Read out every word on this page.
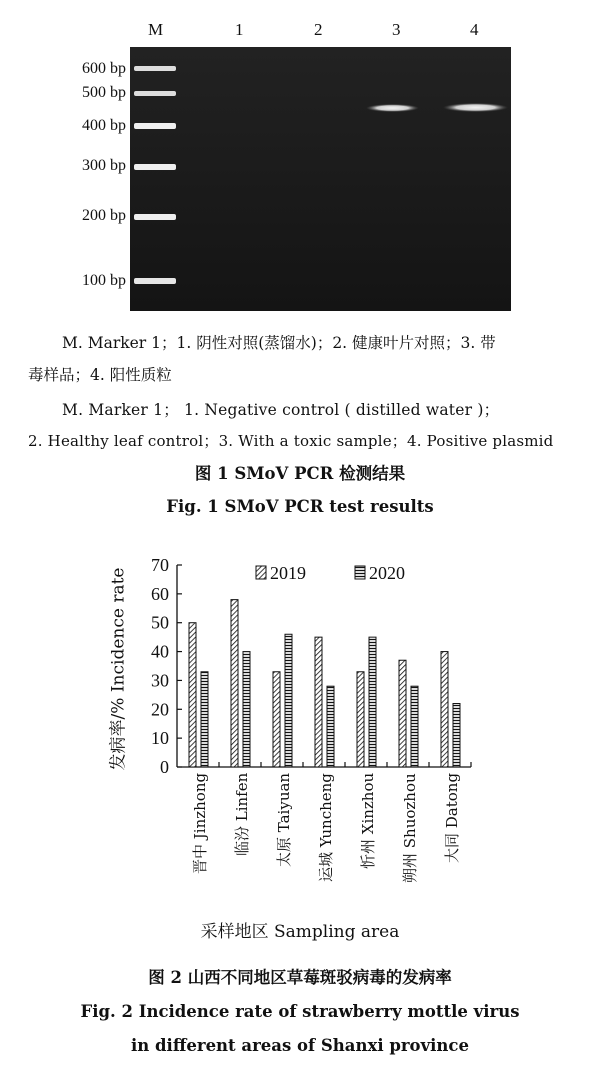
M	1	2	3	4
600 bp
500 bp
400 bp
300 bp
200 bp
100 bp
M. Marker 1；1. 阴性对照(蒸馏水)；2. 健康叶片对照；3. 带
毒样品；4. 阳性质粒
M. Marker 1； 1. Negative control ( distilled water )；
2. Healthy leaf control；3. With a toxic sample；4. Positive plasmid
图 1 SMoV PCR 检测结果
Fig. 1 SMoV PCR test results
0
10
20
30
40
50
60
70	2019	2020
发病率/% Incidence rate
晋中 Jinzhong 临汾 Linfen 太原 Taiyuan 运城 Yuncheng 忻州 Xinzhou 朔州 Shuozhou 大同 Datong
采样地区 Sampling area
图 2 山西不同地区草莓斑驳病毒的发病率
Fig. 2 Incidence rate of strawberry mottle virus
in different areas of Shanxi province
